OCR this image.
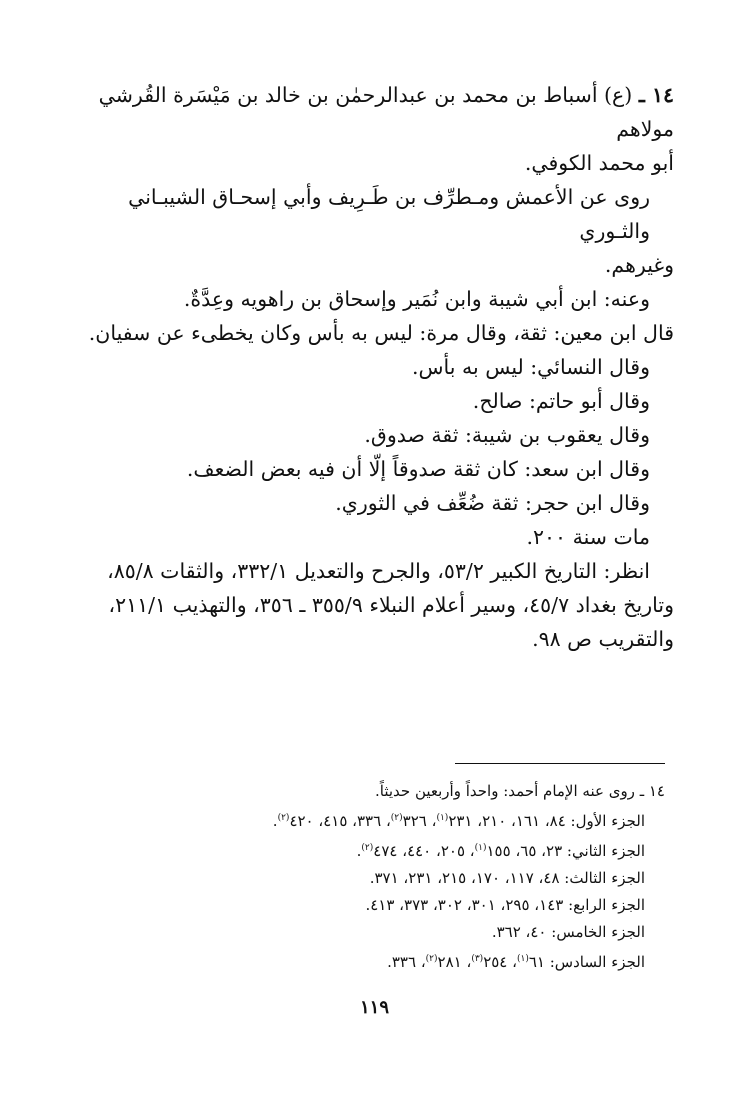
١٤ ـ (ع) أسباط بن محمد بن عبدالرحمٰن بن خالد بن مَيْسَرة القُرشي مولاهم

أبو محمد الكوفي.

روى عن الأعمش ومـطرِّف بن طَـرِيف وأبي إسحـاق الشيبـاني والثـوري

وغيرهم.

وعنه: ابن أبي شيبة وابن نُمَير وإسحاق بن راهويه وعِدَّةٌ.

قال ابن معين: ثقة، وقال مرة: ليس به بأس وكان يخطىء عن سفيان.

وقال النسائي: ليس به بأس.

وقال أبو حاتم: صالح.

وقال يعقوب بن شيبة: ثقة صدوق.

وقال ابن سعد: كان ثقة صدوقاً إلّا أن فيه بعض الضعف.

وقال ابن حجر: ثقة ضُعِّف في الثوري.

مات سنة ٢٠٠.

انظر: التاريخ الكبير ٥٣/٢، والجرح والتعديل ٣٣٢/١، والثقات ٨٥/٨،

وتاريخ بغداد ٤٥/٧، وسير أعلام النبلاء ٣٥٥/٩ ـ ٣٥٦، والتهذيب ٢١١/١،

والتقريب ص ٩٨.

١٤ ـ روى عنه الإمام أحمد: واحداً وأربعين حديثاً.

الجزء الأول: ٨٤، ١٦١، ٢١٠، ٢٣١$^{(١)}$، ٣٢٦$^{(٢)}$، ٣٣٦، ٤١٥، ٤٢٠$^{(٢)}$.

الجزء الثاني: ٢٣، ٦٥، ١٥٥$^{(١)}$، ٢٠٥، ٤٤٠، ٤٧٤$^{(٢)}$.

الجزء الثالث: ٤٨، ١١٧، ١٧٠، ٢١٥، ٢٣١، ٣٧١.

الجزء الرابع: ١٤٣، ٢٩٥، ٣٠١، ٣٠٢، ٣٧٣، ٤١٣.

الجزء الخامس: ٤٠، ٣٦٢.

الجزء السادس: ٦١$^{(١)}$، ٢٥٤$^{(٣)}$، ٢٨١$^{(٢)}$، ٣٣٦.

١١٩
